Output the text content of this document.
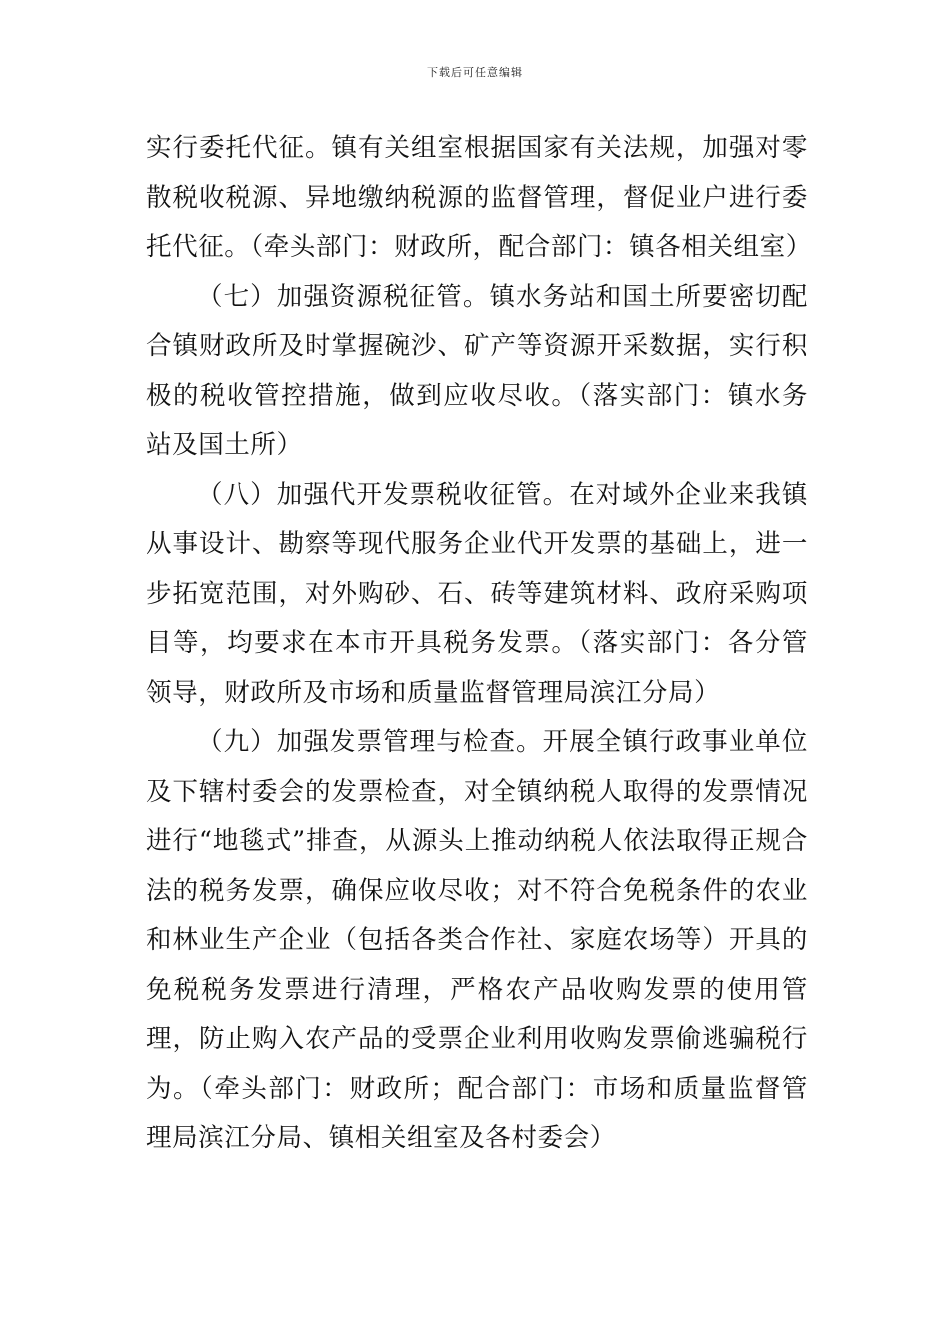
下载后可任意编辑

实行委托代征。镇有关组室根据国家有关法规，加强对零散税收税源、异地缴纳税源的监督管理，督促业户进行委托代征。（牵头部门：财政所，配合部门：镇各相关组室）

（七）加强资源税征管。镇水务站和国土所要密切配合镇财政所及时掌握碗沙、矿产等资源开采数据，实行积极的税收管控措施，做到应收尽收。（落实部门：镇水务站及国土所）

（八）加强代开发票税收征管。在对域外企业来我镇从事设计、勘察等现代服务企业代开发票的基础上，进一步拓宽范围，对外购砂、石、砖等建筑材料、政府采购项目等，均要求在本市开具税务发票。（落实部门：各分管领导，财政所及市场和质量监督管理局滨江分局）

（九）加强发票管理与检查。开展全镇行政事业单位及下辖村委会的发票检查，对全镇纳税人取得的发票情况进行“地毯式”排查，从源头上推动纳税人依法取得正规合法的税务发票，确保应收尽收；对不符合免税条件的农业和林业生产企业（包括各类合作社、家庭农场等）开具的免税税务发票进行清理，严格农产品收购发票的使用管理，防止购入农产品的受票企业利用收购发票偷逃骗税行为。（牵头部门：财政所；配合部门：市场和质量监督管理局滨江分局、镇相关组室及各村委会）
